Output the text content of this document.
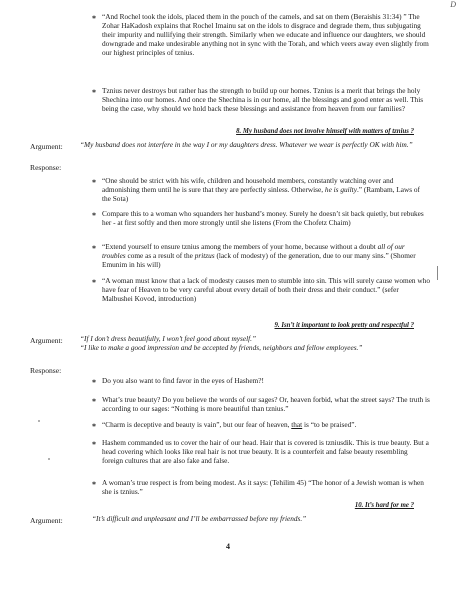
D
* “And Rochel took the idols, placed them in the pouch of the camels, and sat on them (Beraishis 31:34) ” The Zohar HaKadosh explains that Rochel Imainu sat on the idols to disgrace and degrade them, thus subjugating their impurity and nullifying their strength. Similarly when we educate and influence our daughters, we should downgrade and make undesirable anything not in sync with the Torah, and which veers away even slightly from our highest principles of tznius.
* Tznius never destroys but rather has the strength to build up our homes. Tznius is a merit that brings the holy Shechina into our homes. And once the Shechina is in our home, all the blessings and good enter as well. This being the case, why should we hold back these blessings and assistance from heaven from our families?
8. My husband does not involve himself with matters of tznius ?
Argument: “My husband does not interfere in the way I or my daughters dress. Whatever we wear is perfectly OK with him.”
Response:
* “One should be strict with his wife, children and household members, constantly watching over and admonishing them until he is sure that they are perfectly sinless. Otherwise, he is guilty.” (Rambam, Laws of the Sota)
* Compare this to a woman who squanders her husband’s money. Surely he doesn’t sit back quietly, but rebukes her - at first softly and then more strongly until she listens (From the Chofetz Chaim)
* “Extend yourself to ensure tznius among the members of your home, because without a doubt all of our troubles come as a result of the pritzus (lack of modesty) of the generation, due to our many sins.” (Shomer Emunim in his will)
* “A woman must know that a lack of modesty causes men to stumble into sin. This will surely cause women who have fear of Heaven to be very careful about every detail of both their dress and their conduct.” (sefer Malbushei Kovod, introduction)
9. Isn’t it important to look pretty and respectful ?
Argument: “If I don’t dress beautifully, I won’t feel good about myself.”
“I like to make a good impression and be accepted by friends, neighbors and fellow employees.”
Response:
* Do you also want to find favor in the eyes of Hashem?!
* What’s true beauty? Do you believe the words of our sages? Or, heaven forbid, what the street says? The truth is according to our sages: “Nothing is more beautiful than tznius.”
* “Charm is deceptive and beauty is vain”, but our fear of heaven, that is “to be praised”.
* Hashem commanded us to cover the hair of our head. Hair that is covered is tzniusdik. This is true beauty. But a head covering which looks like real hair is not true beauty. It is a counterfeit and false beauty resembling foreign cultures that are also fake and false.
* A woman’s true respect is from being modest. As it says: (Tehilim 45) “The honor of a Jewish woman is when she is tznius.”
10. It’s hard for me ?
Argument:	“It’s difficult and unpleasant and I’ll be embarrassed before my friends.”
4
